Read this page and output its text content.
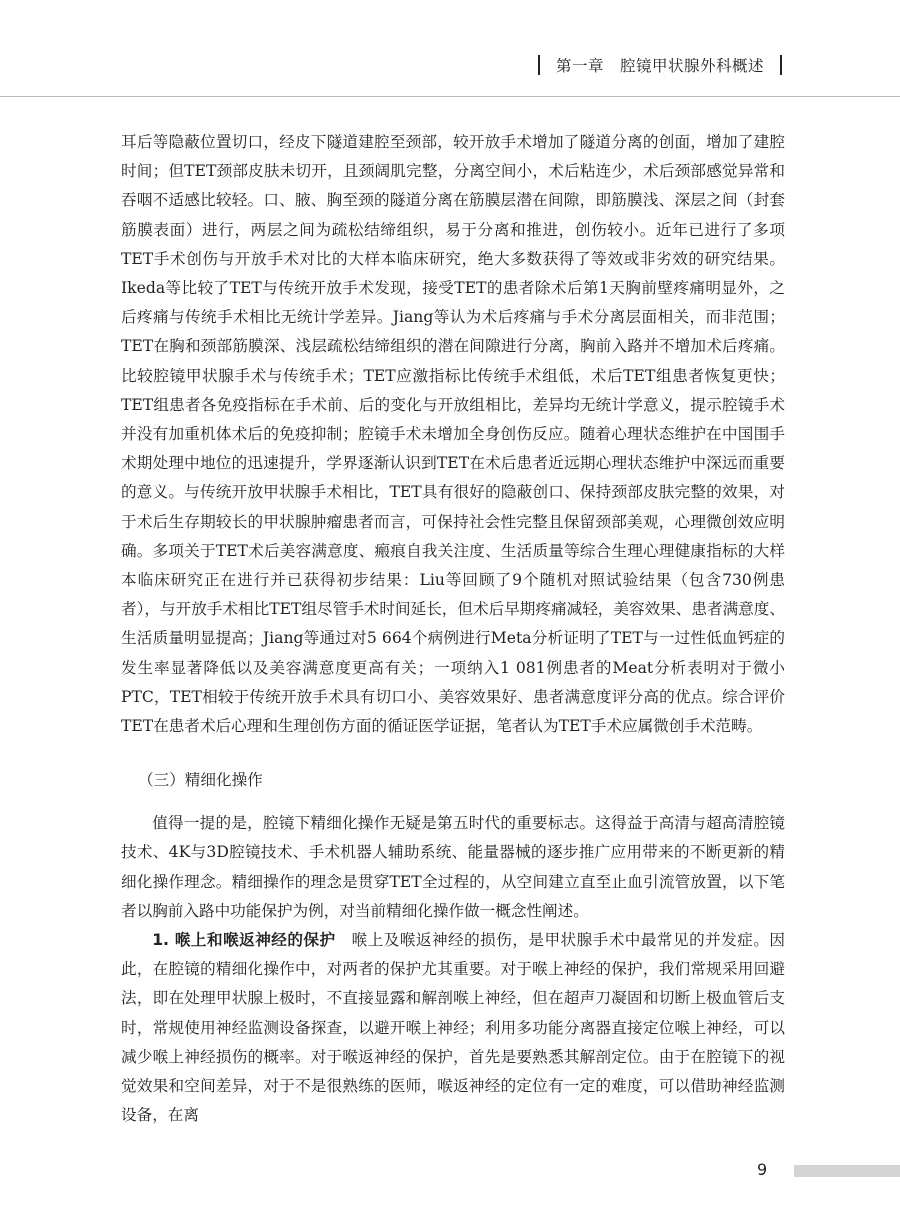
第一章 腔镜甲状腺外科概述

耳后等隐蔽位置切口，经皮下隧道建腔至颈部，较开放手术增加了隧道分离的创面，增加了建腔时间；但TET颈部皮肤未切开，且颈阔肌完整，分离空间小，术后粘连少，术后颈部感觉异常和吞咽不适感比较轻。口、腋、胸至颈的隧道分离在筋膜层潜在间隙，即筋膜浅、深层之间（封套筋膜表面）进行，两层之间为疏松结缔组织，易于分离和推进，创伤较小。近年已进行了多项TET手术创伤与开放手术对比的大样本临床研究，绝大多数获得了等效或非劣效的研究结果。Ikeda等比较了TET与传统开放手术发现，接受TET的患者除术后第1天胸前壁疼痛明显外，之后疼痛与传统手术相比无统计学差异。Jiang等认为术后疼痛与手术分离层面相关，而非范围；TET在胸和颈部筋膜深、浅层疏松结缔组织的潜在间隙进行分离，胸前入路并不增加术后疼痛。比较腔镜甲状腺手术与传统手术；TET应激指标比传统手术组低，术后TET组患者恢复更快；TET组患者各免疫指标在手术前、后的变化与开放组相比，差异均无统计学意义，提示腔镜手术并没有加重机体术后的免疫抑制；腔镜手术未增加全身创伤反应。随着心理状态维护在中国围手术期处理中地位的迅速提升，学界逐渐认识到TET在术后患者近远期心理状态维护中深远而重要的意义。与传统开放甲状腺手术相比，TET具有很好的隐蔽创口、保持颈部皮肤完整的效果，对于术后生存期较长的甲状腺肿瘤患者而言，可保持社会性完整且保留颈部美观，心理微创效应明确。多项关于TET术后美容满意度、瘢痕自我关注度、生活质量等综合生理心理健康指标的大样本临床研究正在进行并已获得初步结果：Liu等回顾了9个随机对照试验结果（包含730例患者），与开放手术相比TET组尽管手术时间延长，但术后早期疼痛减轻，美容效果、患者满意度、生活质量明显提高；Jiang等通过对5 664个病例进行Meta分析证明了TET与一过性低血钙症的发生率显著降低以及美容满意度更高有关；一项纳入1 081例患者的Meat分析表明对于微小PTC，TET相较于传统开放手术具有切口小、美容效果好、患者满意度评分高的优点。综合评价TET在患者术后心理和生理创伤方面的循证医学证据，笔者认为TET手术应属微创手术范畴。

（三）精细化操作

值得一提的是，腔镜下精细化操作无疑是第五时代的重要标志。这得益于高清与超高清腔镜技术、4K与3D腔镜技术、手术机器人辅助系统、能量器械的逐步推广应用带来的不断更新的精细化操作理念。精细操作的理念是贯穿TET全过程的，从空间建立直至止血引流管放置，以下笔者以胸前入路中功能保护为例，对当前精细化操作做一概念性阐述。

1. 喉上和喉返神经的保护　喉上及喉返神经的损伤，是甲状腺手术中最常见的并发症。因此，在腔镜的精细化操作中，对两者的保护尤其重要。对于喉上神经的保护，我们常规采用回避法，即在处理甲状腺上极时，不直接显露和解剖喉上神经，但在超声刀凝固和切断上极血管后支时，常规使用神经监测设备探查，以避开喉上神经；利用多功能分离器直接定位喉上神经，可以减少喉上神经损伤的概率。对于喉返神经的保护，首先是要熟悉其解剖定位。由于在腔镜下的视觉效果和空间差异，对于不是很熟练的医师，喉返神经的定位有一定的难度，可以借助神经监测设备，在离

9
